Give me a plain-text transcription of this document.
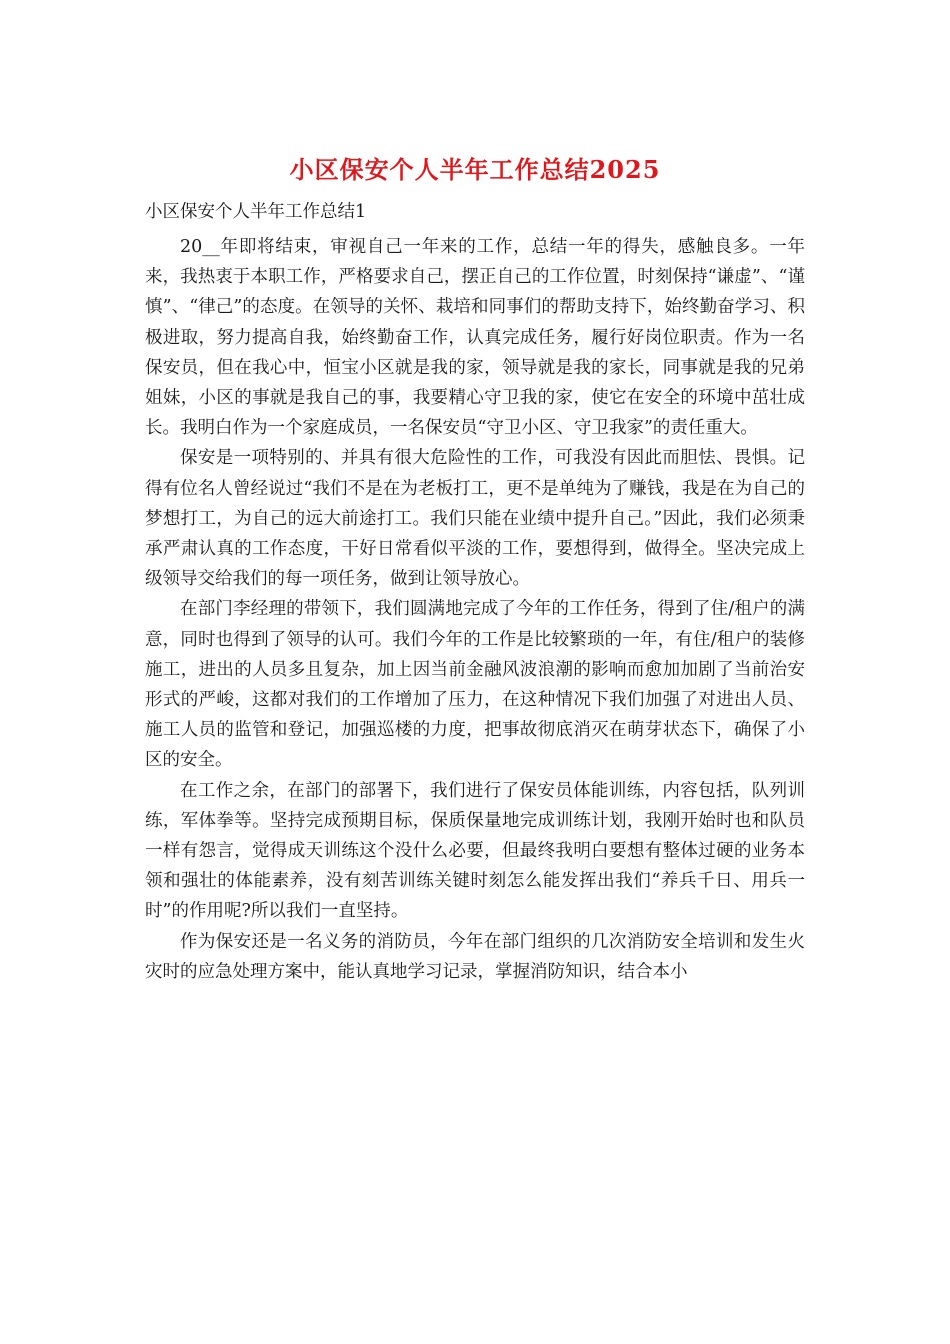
小区保安个人半年工作总结2025

小区保安个人半年工作总结1

20__年即将结束，审视自己一年来的工作，总结一年的得失，感触良多。一年来，我热衷于本职工作，严格要求自己，摆正自己的工作位置，时刻保持“谦虚”、“谨慎”、“律己”的态度。在领导的关怀、栽培和同事们的帮助支持下，始终勤奋学习、积极进取，努力提高自我，始终勤奋工作，认真完成任务，履行好岗位职责。作为一名保安员，但在我心中，恒宝小区就是我的家，领导就是我的家长，同事就是我的兄弟姐妹，小区的事就是我自己的事，我要精心守卫我的家，使它在安全的环境中茁壮成长。我明白作为一个家庭成员，一名保安员“守卫小区、守卫我家”的责任重大。

保安是一项特别的、并具有很大危险性的工作，可我没有因此而胆怯、畏惧。记得有位名人曾经说过“我们不是在为老板打工，更不是单纯为了赚钱，我是在为自己的梦想打工，为自己的远大前途打工。我们只能在业绩中提升自己。”因此，我们必须秉承严肃认真的工作态度，干好日常看似平淡的工作，要想得到，做得全。坚决完成上级领导交给我们的每一项任务，做到让领导放心。

在部门李经理的带领下，我们圆满地完成了今年的工作任务，得到了住/租户的满意，同时也得到了领导的认可。我们今年的工作是比较繁琐的一年，有住/租户的装修施工，进出的人员多且复杂，加上因当前金融风波浪潮的影响而愈加加剧了当前治安形式的严峻，这都对我们的工作增加了压力，在这种情况下我们加强了对进出人员、施工人员的监管和登记，加强巡楼的力度，把事故彻底消灭在萌芽状态下，确保了小区的安全。

在工作之余，在部门的部署下，我们进行了保安员体能训练，内容包括，队列训练，军体拳等。坚持完成预期目标，保质保量地完成训练计划，我刚开始时也和队员一样有怨言，觉得成天训练这个没什么必要，但最终我明白要想有整体过硬的业务本领和强壮的体能素养，没有刻苦训练关键时刻怎么能发挥出我们“养兵千日、用兵一时”的作用呢?所以我们一直坚持。

作为保安还是一名义务的消防员，今年在部门组织的几次消防安全培训和发生火灾时的应急处理方案中，能认真地学习记录，掌握消防知识，结合本小
